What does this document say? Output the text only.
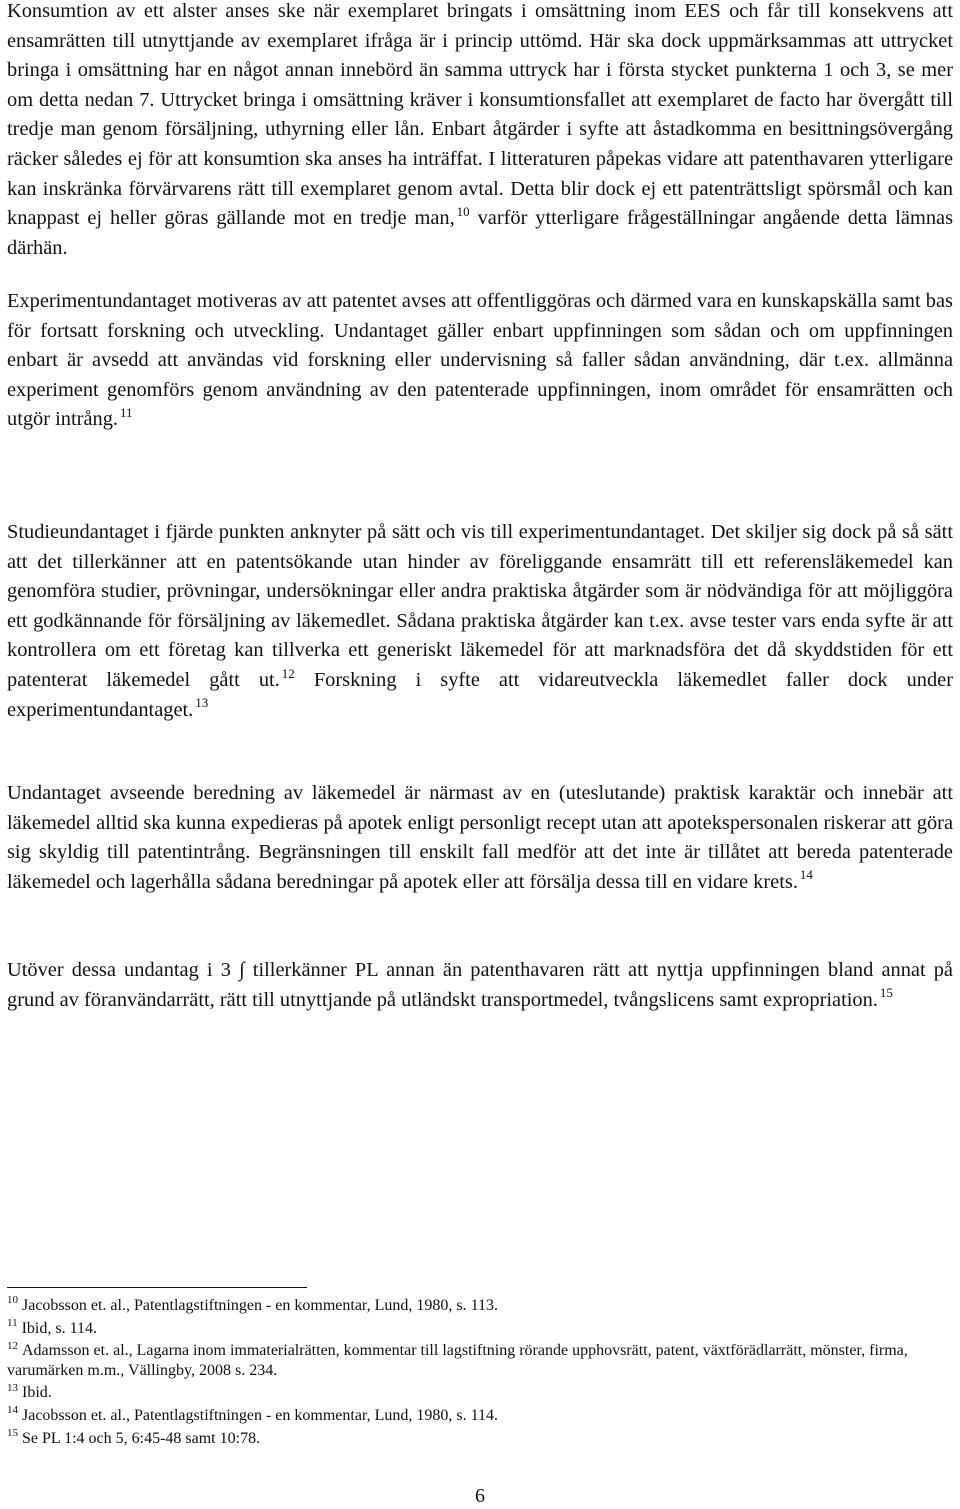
Konsumtion av ett alster anses ske när exemplaret bringats i omsättning inom EES och får till konsekvens att ensamrätten till utnyttjande av exemplaret ifråga är i princip uttömd. Här ska dock uppmärksammas att uttrycket bringa i omsättning har en något annan innebörd än samma uttryck har i första stycket punkterna 1 och 3, se mer om detta nedan 7. Uttrycket bringa i omsättning kräver i konsumtionsfallet att exemplaret de facto har övergått till tredje man genom försäljning, uthyrning eller lån. Enbart åtgärder i syfte att åstadkomma en besittningsövergång räcker således ej för att konsumtion ska anses ha inträffat. I litteraturen påpekas vidare att patenthavaren ytterligare kan inskränka förvärvarens rätt till exemplaret genom avtal. Detta blir dock ej ett patenträttsligt spörsmål och kan knappast ej heller göras gällande mot en tredje man, $^{10}$ varför ytterligare frågeställningar angående detta lämnas därhän.

Experimentundantaget motiveras av att patentet avses att offentliggöras och därmed vara en kunskapskälla samt bas för fortsatt forskning och utveckling. Undantaget gäller enbart uppfinningen som sådan och om uppfinningen enbart är avsedd att användas vid forskning eller undervisning så faller sådan användning, där t.ex. allmänna experiment genomförs genom användning av den patenterade uppfinningen, inom området för ensamrätten och utgör intrång. $^{11}$

Studieundantaget i fjärde punkten anknyter på sätt och vis till experimentundantaget. Det skiljer sig dock på så sätt att det tillerkänner att en patentsökande utan hinder av föreliggande ensamrätt till ett referensläkemedel kan genomföra studier, prövningar, undersökningar eller andra praktiska åtgärder som är nödvändiga för att möjliggöra ett godkännande för försäljning av läkemedlet. Sådana praktiska åtgärder kan t.ex. avse tester vars enda syfte är att kontrollera om ett företag kan tillverka ett generiskt läkemedel för att marknadsföra det då skyddstiden för ett patenterat läkemedel gått ut. $^{12}$ Forskning i syfte att vidareutveckla läkemedlet faller dock under experimentundantaget. $^{13}$

Undantaget avseende beredning av läkemedel är närmast av en (uteslutande) praktisk karaktär och innebär att läkemedel alltid ska kunna expedieras på apotek enligt personligt recept utan att apotekspersonalen riskerar att göra sig skyldig till patentintrång. Begränsningen till enskilt fall medför att det inte är tillåtet att bereda patenterade läkemedel och lagerhålla sådana beredningar på apotek eller att försälja dessa till en vidare krets. $^{14}$

Utöver dessa undantag i 3 ∫ tillerkänner PL annan än patenthavaren rätt att nyttja uppfinningen bland annat på grund av föranvändarrätt, rätt till utnyttjande på utländskt transportmedel, tvångslicens samt expropriation. $^{15}$

$^{10}$ Jacobsson et. al., Patentlagstiftningen - en kommentar, Lund, 1980, s. 113.
$^{11}$ Ibid, s. 114.
$^{12}$ Adamsson et. al., Lagarna inom immaterialrätten, kommentar till lagstiftning rörande upphovsrätt, patent, växtförädlarrätt, mönster, firma, varumärken m.m., Vällingby, 2008 s. 234.
$^{13}$ Ibid.
$^{14}$ Jacobsson et. al., Patentlagstiftningen - en kommentar, Lund, 1980, s. 114.
$^{15}$ Se PL 1:4 och 5, 6:45-48 samt 10:78.
6
